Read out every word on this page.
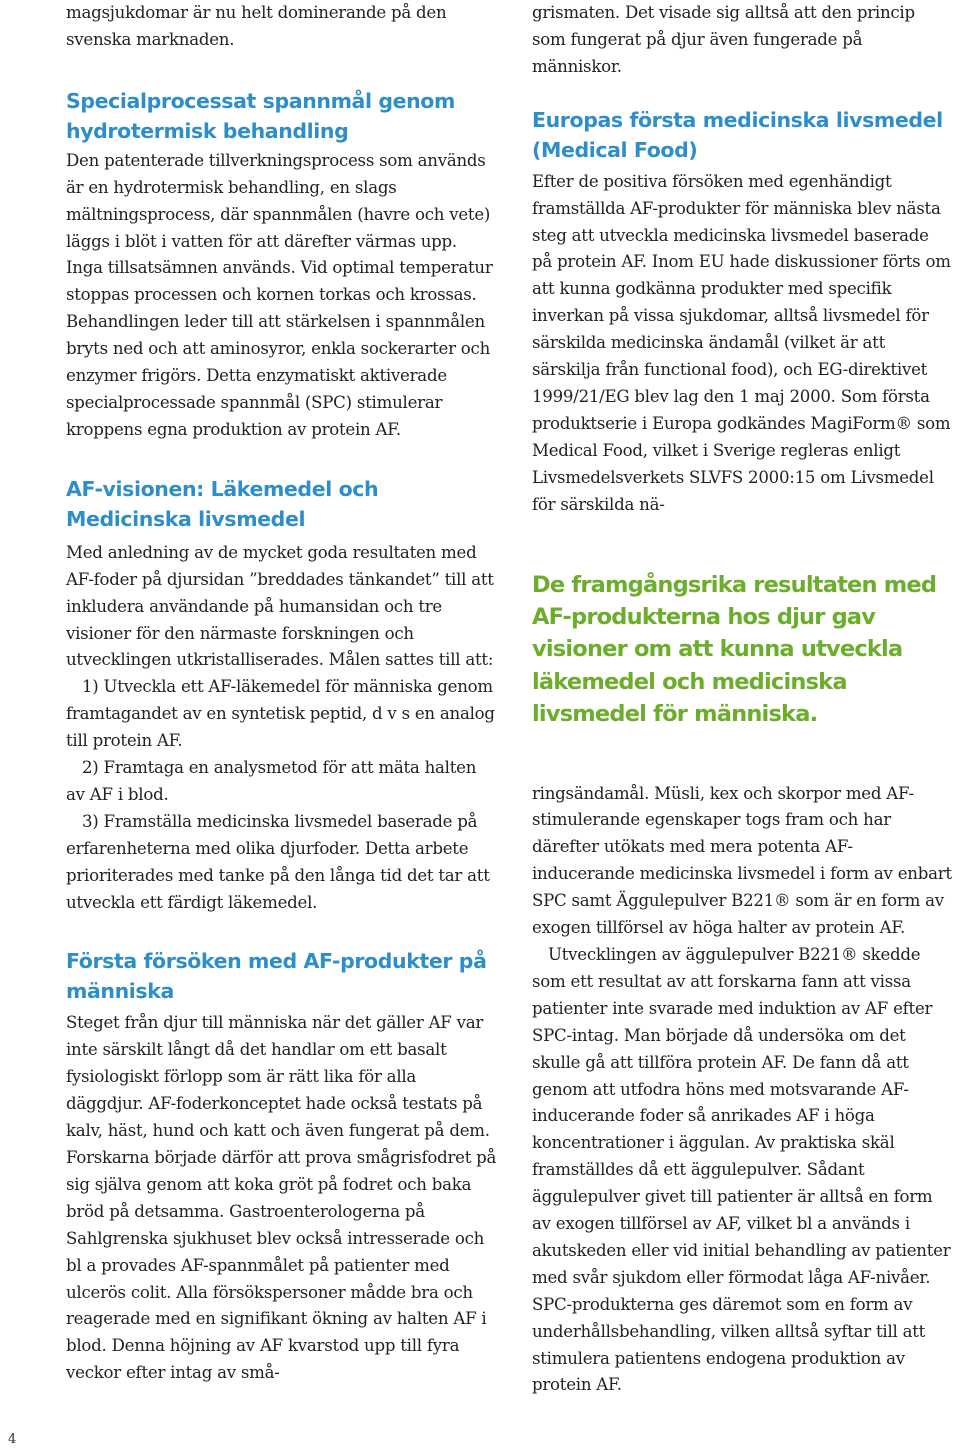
magsjukdomar är nu helt dominerande på den svenska marknaden.

Specialprocessat spannmål genom hydrotermisk behandling

Den patenterade tillverkningsprocess som används är en hydrotermisk behandling, en slags mältningsprocess, där spannmålen (havre och vete) läggs i blöt i vatten för att därefter värmas upp. Inga tillsatsämnen används. Vid optimal temperatur stoppas processen och kornen torkas och krossas. Behandlingen leder till att stärkelsen i spannmålen bryts ned och att aminosyror, enkla sockerarter och enzymer frigörs. Detta enzymatiskt aktiverade specialprocessade spannmål (SPC) stimulerar kroppens egna produktion av protein AF.

AF-visionen: Läkemedel och Medicinska livsmedel

Med anledning av de mycket goda resultaten med AF-foder på djursidan ”breddades tänkandet” till att inkludera användande på humansidan och tre visioner för den närmaste forskningen och utvecklingen utkristalliserades. Målen sattes till att:

1) Utveckla ett AF-läkemedel för människa genom framtagandet av en syntetisk peptid, d v s en analog till protein AF.

2) Framtaga en analysmetod för att mäta halten av AF i blod.

3) Framställa medicinska livsmedel baserade på erfarenheterna med olika djurfoder. Detta arbete prioriterades med tanke på den långa tid det tar att utveckla ett färdigt läkemedel.

Första försöken med AF-produkter på människa

Steget från djur till människa när det gäller AF var inte särskilt långt då det handlar om ett basalt fysiologiskt förlopp som är rätt lika för alla däggdjur. AF-foderkonceptet hade också testats på kalv, häst, hund och katt och även fungerat på dem. Forskarna började därför att prova smågrisfodret på sig själva genom att koka gröt på fodret och baka bröd på detsamma. Gastroenterologerna på Sahlgrenska sjukhuset blev också intresserade och bl a provades AF-spannmålet på patienter med ulcerös colit. Alla försökspersoner mådde bra och reagerade med en signifikant ökning av halten AF i blod. Denna höjning av AF kvarstod upp till fyra veckor efter intag av små-

grismaten. Det visade sig alltså att den princip som fungerat på djur även fungerade på människor.

Europas första medicinska livsmedel (Medical Food)

Efter de positiva försöken med egenhändigt framställda AF-produkter för människa blev nästa steg att utveckla medicinska livsmedel baserade på protein AF. Inom EU hade diskussioner förts om att kunna godkänna produkter med specifik inverkan på vissa sjukdomar, alltså livsmedel för särskilda medicinska ändamål (vilket är att särskilja från functional food), och EG-direktivet 1999/21/EG blev lag den 1 maj 2000. Som första produktserie i Europa godkändes MagiForm® som Medical Food, vilket i Sverige regleras enligt Livsmedelsverkets SLVFS 2000:15 om Livsmedel för särskilda nä-

De framgångsrika resultaten med AF-produkterna hos djur gav visioner om att kunna utveckla läkemedel och medicinska livsmedel för människa.

ringsändamål. Müsli, kex och skorpor med AF-stimulerande egenskaper togs fram och har därefter utökats med mera potenta AF-inducerande medicinska livsmedel i form av enbart SPC samt Äggulepulver B221® som är en form av exogen tillförsel av höga halter av protein AF.

Utvecklingen av äggulepulver B221® skedde som ett resultat av att forskarna fann att vissa patienter inte svarade med induktion av AF efter SPC-intag. Man började då undersöka om det skulle gå att tillföra protein AF. De fann då att genom att utfodra höns med motsvarande AF-inducerande foder så anrikades AF i höga koncentrationer i äggulan. Av praktiska skäl framställdes då ett äggulepulver. Sådant äggulepulver givet till patienter är alltså en form av exogen tillförsel av AF, vilket bl a används i akutskeden eller vid initial behandling av patienter med svår sjukdom eller förmodat låga AF-nivåer. SPC-produkterna ges däremot som en form av underhållsbehandling, vilken alltså syftar till att stimulera patientens endogena produktion av protein AF.

4
